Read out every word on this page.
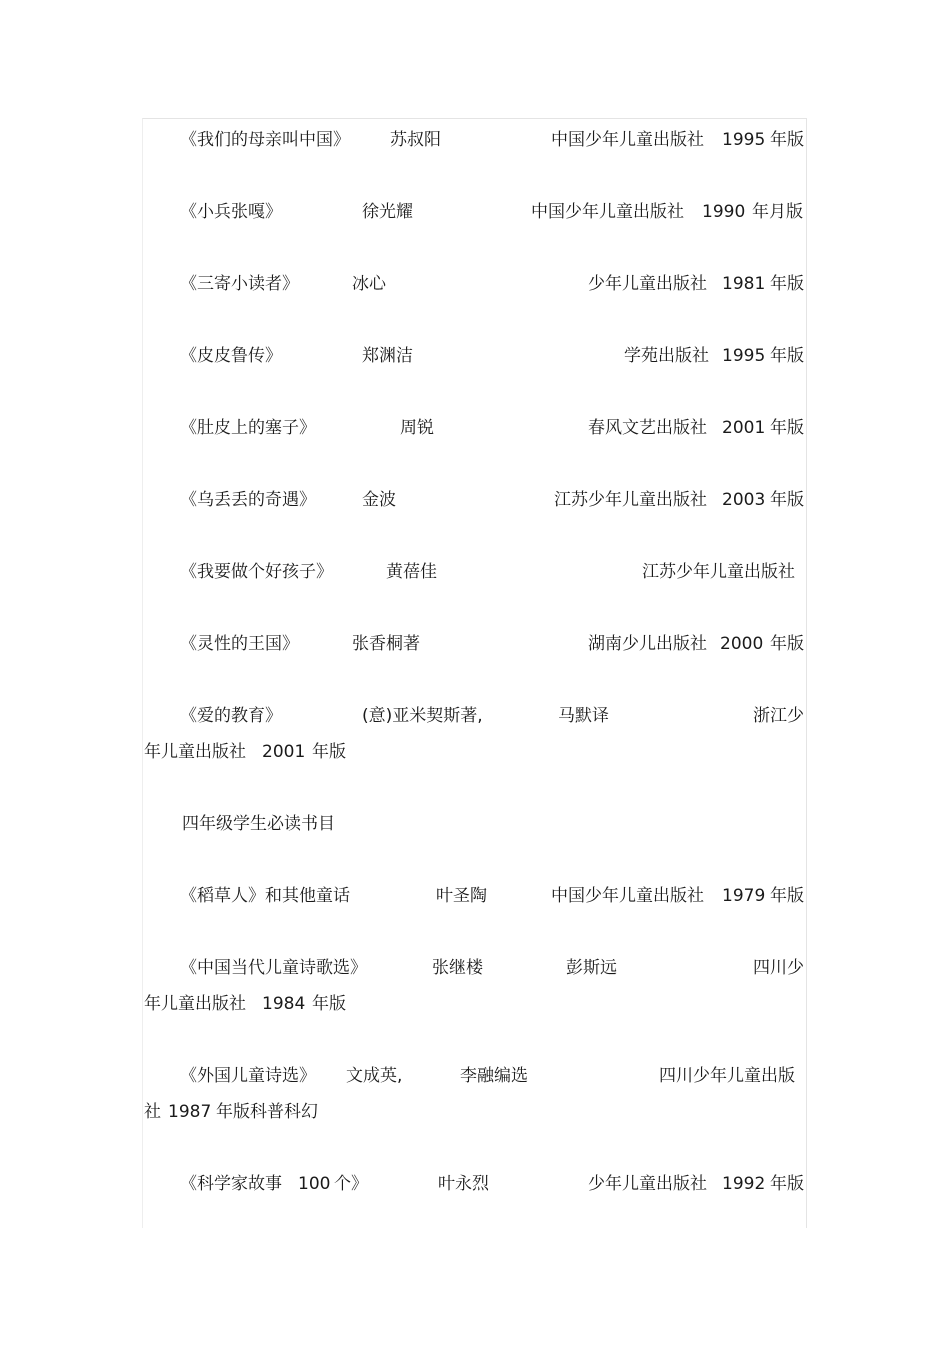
《我们的母亲叫中国》 苏叔阳	中国少年儿童出版社 1995 年版
《小兵张嘎》	徐光耀	中国少年儿童出版社 1990 年月版
《三寄小读者》	冰心	少年儿童出版社 1981 年版
《皮皮鲁传》	郑渊洁	学苑出版社 1995 年版
《肚皮上的塞子》	周锐	春风文艺出版社 2001 年版
《乌丢丢的奇遇》	金波	江苏少年儿童出版社 2003 年版
《我要做个好孩子》	黄蓓佳	江苏少年儿童出版社
《灵性的王国》	张香桐著	湖南少儿出版社 2000 年版
《爱的教育》	(意)亚米契斯著,	马默译	浙江少
年儿童出版社 2001 年版
四年级学生必读书目
《稻草人》和其他童话	叶圣陶	中国少年儿童出版社 1979 年版
《中国当代儿童诗歌选》	张继楼	彭斯远	四川少
年儿童出版社 1984 年版
《外国儿童诗选》 文成英,	李融编选	四川少年儿童出版
社 1987 年版科普科幻
《科学家故事 100 个》	叶永烈	少年儿童出版社 1992 年版
